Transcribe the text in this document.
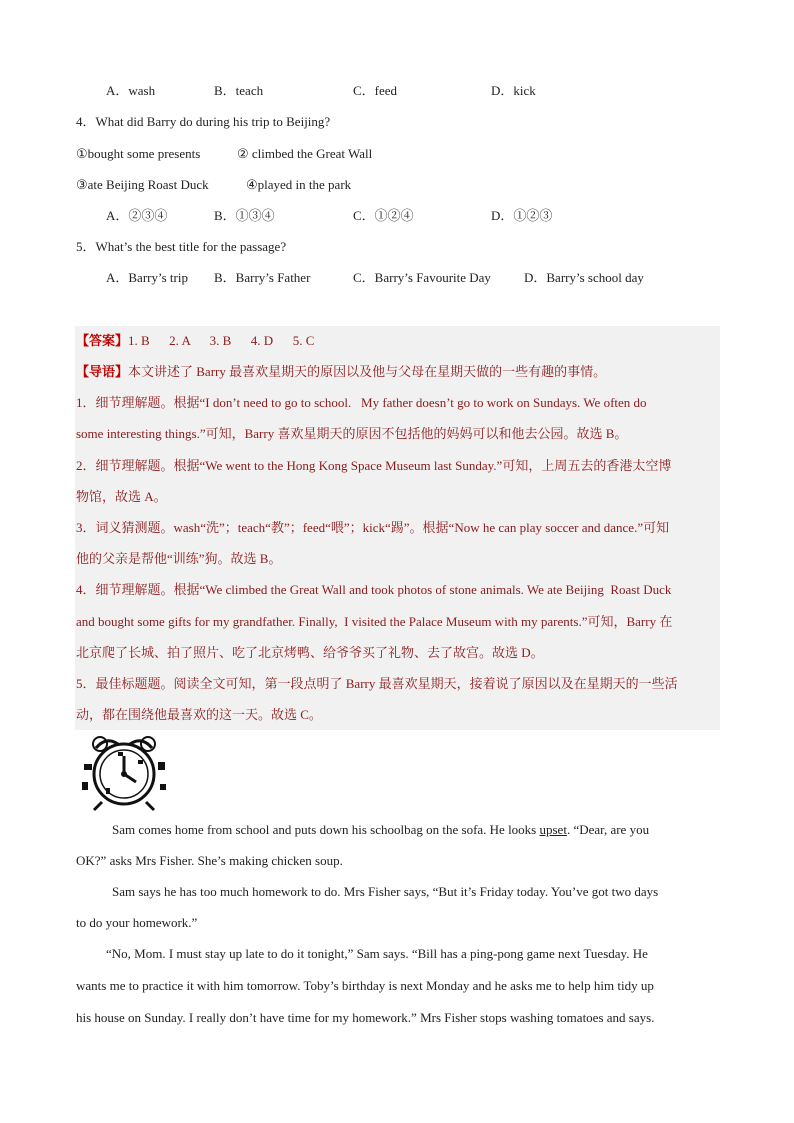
A．wash	B．teach	C．feed	D．kick
4．What did Barry do during his trip to Beijing?
①bought some presents	② climbed the Great Wall
③ate Beijing Roast Duck	④played in the park
A．②③④	B．①③④	C．①②④	D．①②③
5．What’s the best title for the passage?
A．Barry’s trip B．Barry’s Father	C．Barry’s Favourite Day	D．Barry’s school day
【答案】1. B      2. A      3. B      4. D      5. C
【导语】本文讲述了 Barry 最喜欢星期天的原因以及他与父母在星期天做的一些有趣的事情。
1．细节理解题。根据“I don’t need to go to school.   My father doesn’t go to work on Sundays. We often do
some interesting things.”可知，Barry 喜欢星期天的原因不包括他的妈妈可以和他去公园。故选 B。
2．细节理解题。根据“We went to the Hong Kong Space Museum last Sunday.”可知，上周五去的香港太空博
物馆，故选 A。
3．词义猜测题。wash“洗”；teach“教”；feed“喂”；kick“踢”。根据“Now he can play soccer and dance.”可知
他的父亲是帮他“训练”狗。故选 B。
4．细节理解题。根据“We climbed the Great Wall and took photos of stone animals. We ate Beijing  Roast Duck
and bought some gifts for my grandfather. Finally,  I visited the Palace Museum with my parents.”可知，Barry 在
北京爬了长城、拍了照片、吃了北京烤鸭、给爷爷买了礼物、去了故宫。故选 D。
5．最佳标题题。阅读全文可知，第一段点明了 Barry 最喜欢星期天，接着说了原因以及在星期天的一些活
动，都在围绕他最喜欢的这一天。故选 C。
Sam comes home from school and puts down his schoolbag on the sofa. He looks upset. “Dear, are you
OK?” asks Mrs Fisher. She’s making chicken soup.
Sam says he has too much homework to do. Mrs Fisher says, “But it’s Friday today. You’ve got two days
to do your homework.”
“No, Mom. I must stay up late to do it tonight,” Sam says. “Bill has a ping-pong game next Tuesday. He
wants me to practice it with him tomorrow. Toby’s birthday is next Monday and he asks me to help him tidy up
his house on Sunday. I really don’t have time for my homework.” Mrs Fisher stops washing tomatoes and says.
